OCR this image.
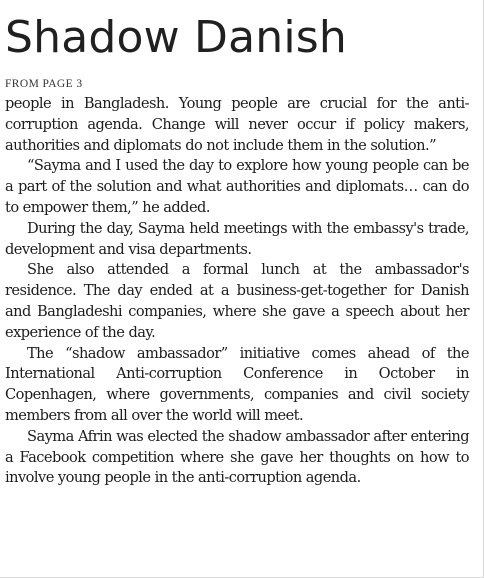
Shadow Danish
FROM PAGE 3

people in Bangladesh. Young people are crucial for the anti-corruption agenda. Change will never occur if policy makers, authorities and diplomats do not include them in the solution.”

“Sayma and I used the day to explore how young people can be a part of the solution and what authorities and diplomats… can do to empower them,” he added.

During the day, Sayma held meetings with the embassy's trade, development and visa departments.

She also attended a formal lunch at the ambassador's residence. The day ended at a business-get-together for Danish and Bangladeshi companies, where she gave a speech about her experience of the day.

The “shadow ambassador” initiative comes ahead of the International Anti-corruption Conference in October in Copenhagen, where governments, companies and civil society members from all over the world will meet.

Sayma Afrin was elected the shadow ambassador after entering a Facebook competition where she gave her thoughts on how to involve young people in the anti-corruption agenda.
